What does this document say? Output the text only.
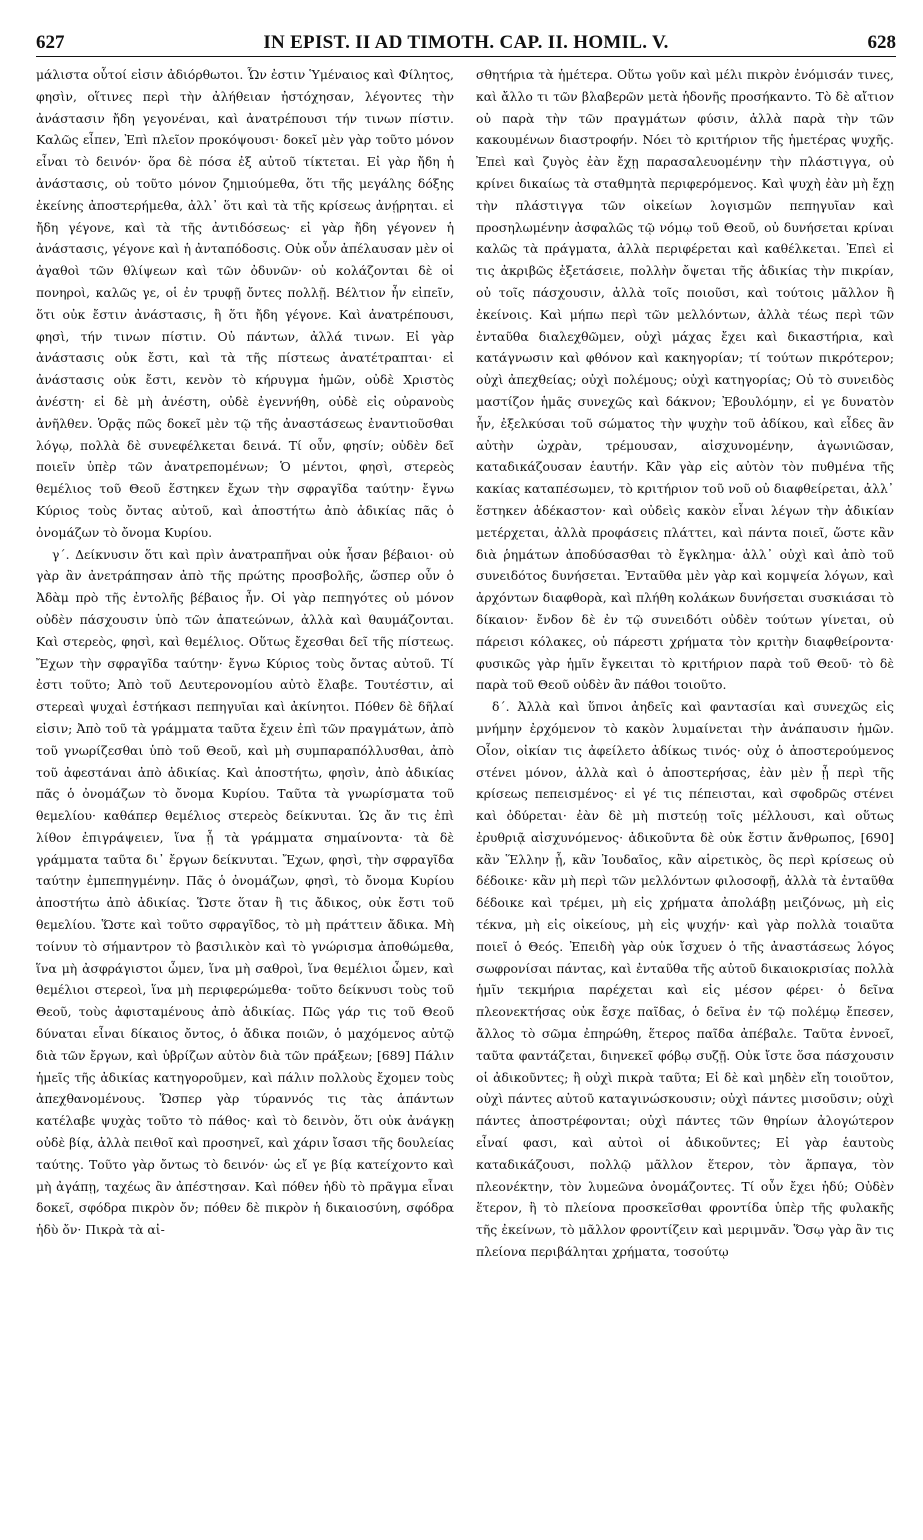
627	IN EPIST. II AD TIMOTH. CAP. II. HOMIL. V.	628

μάλιστα οὗτοί εἰσιν ἀδιόρθωτοι. Ὧν ἐστιν Ὑμέναιος καὶ Φίλητος, φησὶν, οἵτινες περὶ τὴν ἀλήθειαν ἠστόχησαν, λέγοντες τὴν ἀνάστασιν ἤδη γεγονέναι, καὶ ἀνατρέπουσι τήν τινων πίστιν. Καλῶς εἶπεν, Ἐπὶ πλεῖον προκόψουσι· δοκεῖ μὲν γὰρ τοῦτο μόνον εἶναι τὸ δεινόν· ὅρα δὲ πόσα ἐξ αὐτοῦ τίκτεται. Εἰ γὰρ ἤδη ἡ ἀνάστασις, οὐ τοῦτο μόνον ζημιούμεθα, ὅτι τῆς μεγάλης δόξης ἐκείνης ἀποστερήμεθα, ἀλλ᾽ ὅτι καὶ τὰ τῆς κρίσεως ἀνῄρηται. εἰ ἤδη γέγονε, καὶ τὰ τῆς ἀντιδόσεως· εἰ γὰρ ἤδη γέγονεν ἡ ἀνάστασις, γέγονε καὶ ἡ ἀνταπόδοσις. Οὐκ οὖν ἀπέλαυσαν μὲν οἱ ἀγαθοὶ τῶν θλίψεων καὶ τῶν ὀδυνῶν· οὐ κολάζονται δὲ οἱ πονηροὶ, καλῶς γε, οἱ ἐν τρυφῇ ὄντες πολλῇ. Βέλτιον ἦν εἰπεῖν, ὅτι οὐκ ἔστιν ἀνάστασις, ἢ ὅτι ἤδη γέγονε. Καὶ ἀνατρέπουσι, φησὶ, τήν τινων πίστιν. Οὐ πάντων, ἀλλά τινων. Εἰ γὰρ ἀνάστασις οὐκ ἔστι, καὶ τὰ τῆς πίστεως ἀνατέτραπται· εἰ ἀνάστασις οὐκ ἔστι, κενὸν τὸ κήρυγμα ἡμῶν, οὐδὲ Χριστὸς ἀνέστη· εἰ δὲ μὴ ἀνέστη, οὐδὲ ἐγεννήθη, οὐδὲ εἰς οὐρανοὺς ἀνῆλθεν. Ὁρᾷς πῶς δοκεῖ μὲν τῷ τῆς ἀναστάσεως ἐναντιοῦσθαι λόγῳ, πολλὰ δὲ συνεφέλκεται δεινά. Τί οὖν, φησίν; οὐδὲν δεῖ ποιεῖν ὑπὲρ τῶν ἀνατρεπομένων; Ὁ μέντοι, φησὶ, στερεὸς θεμέλιος τοῦ Θεοῦ ἕστηκεν ἔχων τὴν σφραγῖδα ταύτην· ἔγνω Κύριος τοὺς ὄντας αὐτοῦ, καὶ ἀποστήτω ἀπὸ ἀδικίας πᾶς ὁ ὀνομάζων τὸ ὄνομα Κυρίου.

γ΄. Δείκνυσιν ὅτι καὶ πρὶν ἀνατραπῆναι οὐκ ἦσαν βέβαιοι· οὐ γὰρ ἂν ἀνετράπησαν ἀπὸ τῆς πρώτης προσβολῆς, ὥσπερ οὖν ὁ Ἀδὰμ πρὸ τῆς ἐντολῆς βέβαιος ἦν. Οἱ γὰρ πεπηγότες οὐ μόνον οὐδὲν πάσχουσιν ὑπὸ τῶν ἀπατεώνων, ἀλλὰ καὶ θαυμάζονται. Καὶ στερεὸς, φησὶ, καὶ θεμέλιος. Οὕτως ἔχεσθαι δεῖ τῆς πίστεως. Ἔχων τὴν σφραγῖδα ταύτην· ἔγνω Κύριος τοὺς ὄντας αὐτοῦ. Τί ἐστι τοῦτο; Ἀπὸ τοῦ Δευτερονομίου αὐτὸ ἔλαβε. Τουτέστιν, αἱ στερεαὶ ψυχαὶ ἑστήκασι πεπηγυῖαι καὶ ἀκίνητοι. Πόθεν δὲ δῆλαί εἰσιν; Ἀπὸ τοῦ τὰ γράμματα ταῦτα ἔχειν ἐπὶ τῶν πραγμάτων, ἀπὸ τοῦ γνωρίζεσθαι ὑπὸ τοῦ Θεοῦ, καὶ μὴ συμπαραπόλλυσθαι, ἀπὸ τοῦ ἀφεστάναι ἀπὸ ἀδικίας. Καὶ ἀποστήτω, φησὶν, ἀπὸ ἀδικίας πᾶς ὁ ὀνομάζων τὸ ὄνομα Κυρίου. Ταῦτα τὰ γνωρίσματα τοῦ θεμελίου· καθάπερ θεμέλιος στερεὸς δείκνυται. Ὡς ἄν τις ἐπὶ λίθον ἐπιγράψειεν, ἵνα ᾖ τὰ γράμματα σημαίνοντα· τὰ δὲ γράμματα ταῦτα δι᾽ ἔργων δείκνυται. Ἔχων, φησὶ, τὴν σφραγῖδα ταύτην ἐμπεπηγμένην. Πᾶς ὁ ὀνομάζων, φησὶ, τὸ ὄνομα Κυρίου ἀποστήτω ἀπὸ ἀδικίας. Ὥστε ὅταν ἢ τις ἄδικος, οὐκ ἔστι τοῦ θεμελίου. Ὥστε καὶ τοῦτο σφραγῖδος, τὸ μὴ πράττειν ἄδικα. Μὴ τοίνυν τὸ σήμαντρον τὸ βασιλικὸν καὶ τὸ γνώρισμα ἀποθώμεθα, ἵνα μὴ ἀσφράγιστοι ὦμεν, ἵνα μὴ σαθροὶ, ἵνα θεμέλιοι ὦμεν, καὶ θεμέλιοι στερεοὶ, ἵνα μὴ περιφερώμεθα· τοῦτο δείκνυσι τοὺς τοῦ Θεοῦ, τοὺς ἀφισταμένους ἀπὸ ἀδικίας. Πῶς γάρ τις τοῦ Θεοῦ δύναται εἶναι δίκαιος ὄντος, ὁ ἄδικα ποιῶν, ὁ μαχόμενος αὐτῷ διὰ τῶν ἔργων, καὶ ὑβρίζων αὐτὸν διὰ τῶν πράξεων; [689] Πάλιν ἡμεῖς τῆς ἀδικίας κατηγοροῦμεν, καὶ πάλιν πολλοὺς ἔχομεν τοὺς ἀπεχθανομένους. Ὥσπερ γὰρ τύραννός τις τὰς ἁπάντων κατέλαβε ψυχὰς τοῦτο τὸ πάθος· καὶ τὸ δεινὸν, ὅτι οὐκ ἀνάγκῃ οὐδὲ βίᾳ, ἀλλὰ πειθοῖ καὶ προσηνεῖ, καὶ χάριν ἴσασι τῆς δουλείας ταύτης. Τοῦτο γὰρ ὄντως τὸ δεινόν· ὡς εἴ γε βίᾳ κατείχοντο καὶ μὴ ἀγάπῃ, ταχέως ἂν ἀπέστησαν. Καὶ πόθεν ἡδὺ τὸ πρᾶγμα εἶναι δοκεῖ, σφόδρα πικρὸν ὄν; πόθεν δὲ πικρὸν ἡ δικαιοσύνη, σφόδρα ἡδὺ ὄν· Πικρὰ τὰ αἰ-

σθητήρια τὰ ἡμέτερα. Οὕτω γοῦν καὶ μέλι πικρὸν ἐνόμισάν τινες, καὶ ἄλλο τι τῶν βλαβερῶν μετὰ ἡδονῆς προσήκαντο. Τὸ δὲ αἴτιον οὐ παρὰ τὴν τῶν πραγμάτων φύσιν, ἀλλὰ παρὰ τὴν τῶν κακουμένων διαστροφήν. Νόει τὸ κριτήριον τῆς ἡμετέρας ψυχῆς. Ἐπεὶ καὶ ζυγὸς ἐὰν ἔχῃ παρασαλευομένην τὴν πλάστιγγα, οὐ κρίνει δικαίως τὰ σταθμητὰ περιφερόμενος. Καὶ ψυχὴ ἐὰν μὴ ἔχῃ τὴν πλάστιγγα τῶν οἰκείων λογισμῶν πεπηγυῖαν καὶ προσηλωμένην ἀσφαλῶς τῷ νόμῳ τοῦ Θεοῦ, οὐ δυνήσεται κρίναι καλῶς τὰ πράγματα, ἀλλὰ περιφέρεται καὶ καθέλκεται. Ἐπεὶ εἰ τις ἀκριβῶς ἐξετάσειε, πολλὴν ὄψεται τῆς ἀδικίας τὴν πικρίαν, οὐ τοῖς πάσχουσιν, ἀλλὰ τοῖς ποιοῦσι, καὶ τούτοις μᾶλλον ἢ ἐκείνοις. Καὶ μήπω περὶ τῶν μελλόντων, ἀλλὰ τέως περὶ τῶν ἐνταῦθα διαλεχθῶμεν, οὐχὶ μάχας ἔχει καὶ δικαστήρια, καὶ κατάγνωσιν καὶ φθόνον καὶ κακηγορίαν; τί τούτων πικρότερον; οὐχὶ ἀπεχθείας; οὐχὶ πολέμους; οὐχὶ κατηγορίας; Οὐ τὸ συνειδὸς μαστίζον ἡμᾶς συνεχῶς καὶ δάκνον; Ἐβουλόμην, εἰ γε δυνατὸν ἦν, ἐξελκύσαι τοῦ σώματος τὴν ψυχὴν τοῦ ἀδίκου, καὶ εἶδες ἂν αὐτὴν ὠχρὰν, τρέμουσαν, αἰσχυνομένην, ἀγωνιῶσαν, καταδικάζουσαν ἑαυτήν. Κἂν γὰρ εἰς αὐτὸν τὸν πυθμένα τῆς κακίας καταπέσωμεν, τὸ κριτήριον τοῦ νοῦ οὐ διαφθείρεται, ἀλλ᾽ ἕστηκεν ἀδέκαστον· καὶ οὐδεὶς κακὸν εἶναι λέγων τὴν ἀδικίαν μετέρχεται, ἀλλὰ προφάσεις πλάττει, καὶ πάντα ποιεῖ, ὥστε κἂν διὰ ῥημάτων ἀποδύσασθαι τὸ ἔγκλημα· ἀλλ᾽ οὐχὶ καὶ ἀπὸ τοῦ συνειδότος δυνήσεται. Ἐνταῦθα μὲν γὰρ καὶ κομψεία λόγων, καὶ ἀρχόντων διαφθορὰ, καὶ πλήθη κολάκων δυνήσεται συσκιάσαι τὸ δίκαιον· ἔνδον δὲ ἐν τῷ συνειδότι οὐδὲν τούτων γίνεται, οὐ πάρεισι κόλακες, οὐ πάρεστι χρήματα τὸν κριτὴν διαφθείροντα· φυσικῶς γὰρ ἡμῖν ἔγκειται τὸ κριτήριον παρὰ τοῦ Θεοῦ· τὸ δὲ παρὰ τοῦ Θεοῦ οὐδὲν ἂν πάθοι τοιοῦτο.

δ΄. Ἀλλὰ καὶ ὕπνοι ἀηδεῖς καὶ φαντασίαι καὶ συνεχῶς εἰς μνήμην ἐρχόμενον τὸ κακὸν λυμαίνεται τὴν ἀνάπαυσιν ἡμῶν. Οἷον, οἰκίαν τις ἀφείλετο ἀδίκως τινός· οὐχ ὁ ἀποστερούμενος στένει μόνον, ἀλλὰ καὶ ὁ ἀποστερήσας, ἐὰν μὲν ᾖ περὶ τῆς κρίσεως πεπεισμένος· εἰ γέ τις πέπεισται, καὶ σφοδρῶς στένει καὶ ὀδύρεται· ἐὰν δὲ μὴ πιστεύῃ τοῖς μέλλουσι, καὶ οὕτως ἐρυθριᾷ αἰσχυνόμενος· ἀδικοῦντα δὲ οὐκ ἔστιν ἄνθρωπος, [690] κἂν Ἕλλην ᾖ, κἂν Ἰουδαῖος, κἂν αἱρετικὸς, ὃς περὶ κρίσεως οὐ δέδοικε· κἂν μὴ περὶ τῶν μελλόντων φιλοσοφῇ, ἀλλὰ τὰ ἐνταῦθα δέδοικε καὶ τρέμει, μὴ εἰς χρήματα ἀπολάβῃ μειζόνως, μὴ εἰς τέκνα, μὴ εἰς οἰκείους, μὴ εἰς ψυχήν· καὶ γὰρ πολλὰ τοιαῦτα ποιεῖ ὁ Θεός. Ἐπειδὴ γὰρ οὐκ ἴσχυεν ὁ τῆς ἀναστάσεως λόγος σωφρονίσαι πάντας, καὶ ἐνταῦθα τῆς αὐτοῦ δικαιοκρισίας πολλὰ ἡμῖν τεκμήρια παρέχεται καὶ εἰς μέσον φέρει· ὁ δεῖνα πλεονεκτήσας οὐκ ἔσχε παῖδας, ὁ δεῖνα ἐν τῷ πολέμῳ ἔπεσεν, ἄλλος τὸ σῶμα ἐπηρώθη, ἕτερος παῖδα ἀπέβαλε. Ταῦτα ἐννοεῖ, ταῦτα φαντάζεται, διηνεκεῖ φόβῳ συζῇ. Οὐκ ἴστε ὅσα πάσχουσιν οἱ ἀδικοῦντες; ἢ οὐχὶ πικρὰ ταῦτα; Εἰ δὲ καὶ μηδὲν εἴη τοιοῦτον, οὐχὶ πάντες αὐτοῦ καταγινώσκουσιν; οὐχὶ πάντες μισοῦσιν; οὐχὶ πάντες ἀποστρέφονται; οὐχὶ πάντες τῶν θηρίων ἀλογώτερον εἶναί φασι, καὶ αὐτοὶ οἱ ἀδικοῦντες; Εἰ γὰρ ἑαυτοὺς καταδικάζουσι, πολλῷ μᾶλλον ἕτερον, τὸν ἅρπαγα, τὸν πλεονέκτην, τὸν λυμεῶνα ὀνομάζοντες. Τί οὖν ἔχει ἡδύ; Οὐδὲν ἕτερον, ἢ τὸ πλείονα προσκεῖσθαι φροντίδα ὑπὲρ τῆς φυλακῆς τῆς ἐκείνων, τὸ μᾶλλον φροντίζειν καὶ μεριμνᾶν. Ὅσῳ γὰρ ἂν τις πλείονα περιβάληται χρήματα, τοσούτῳ
